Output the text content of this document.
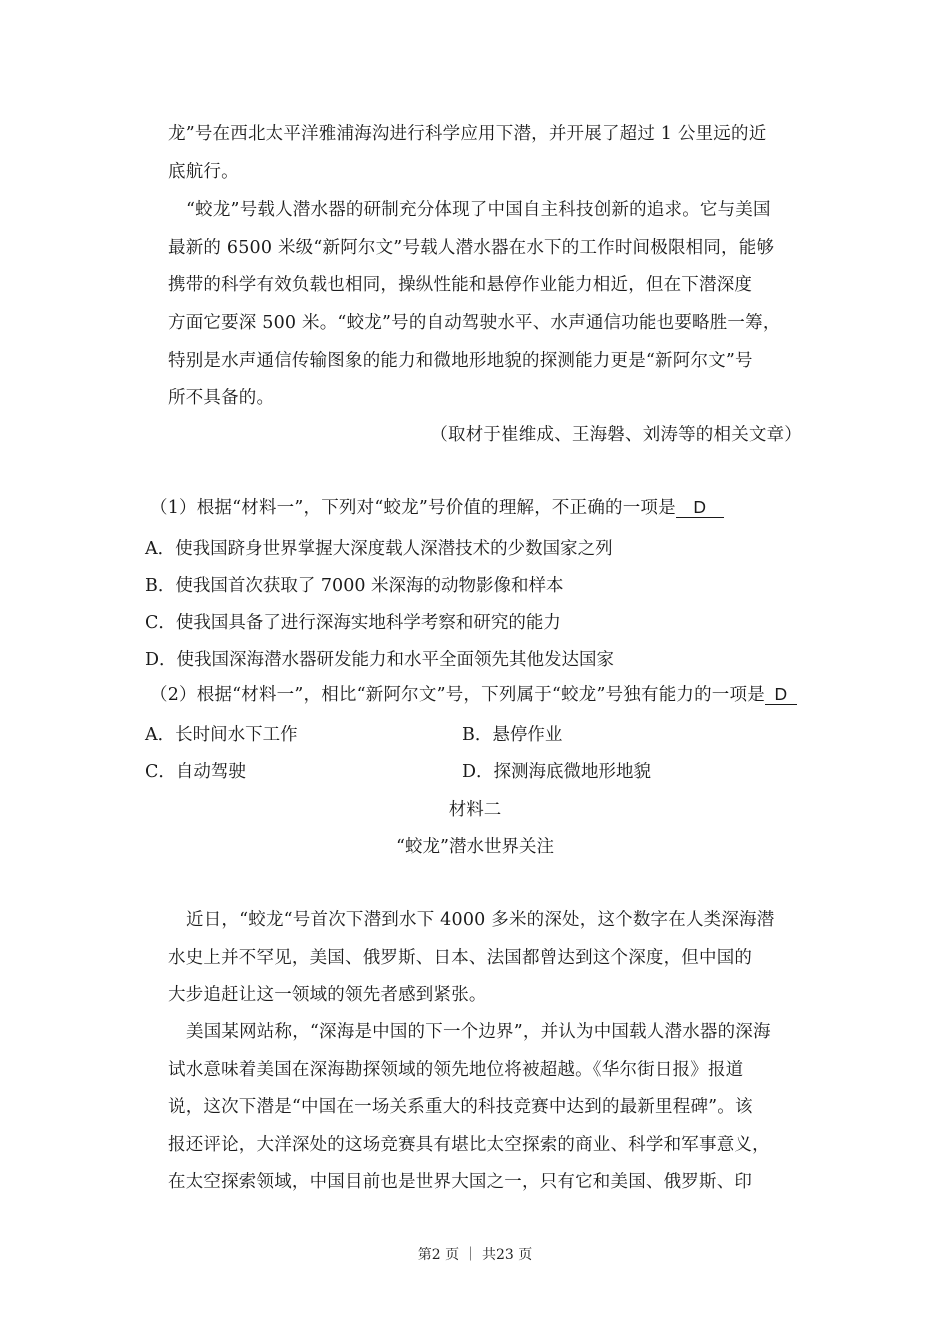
龙”号在西北太平洋雅浦海沟进行科学应用下潜，并开展了超过 1 公里远的近
底航行。
“蛟龙”号载人潜水器的研制充分体现了中国自主科技创新的追求。它与美国
最新的 6500 米级“新阿尔文”号载人潜水器在水下的工作时间极限相同，能够
携带的科学有效负载也相同，操纵性能和悬停作业能力相近，但在下潜深度
方面它要深 500 米。“蛟龙”号的自动驾驶水平、水声通信功能也要略胜一筹，
特别是水声通信传输图象的能力和微地形地貌的探测能力更是“新阿尔文”号
所不具备的。
（取材于崔维成、王海磐、刘涛等的相关文章）
（1）根据“材料一”，下列对“蛟龙”号价值的理解，不正确的一项是 D
A．使我国跻身世界掌握大深度载人深潜技术的少数国家之列
B．使我国首次获取了 7000 米深海的动物影像和样本
C．使我国具备了进行深海实地科学考察和研究的能力
D．使我国深海潜水器研发能力和水平全面领先其他发达国家
（2）根据“材料一”，相比“新阿尔文”号，下列属于“蛟龙”号独有能力的一项是 D
A．长时间水下工作	B．悬停作业
C．自动驾驶	D．探测海底微地形地貌
材料二
“蛟龙”潜水世界关注
近日，“蛟龙“号首次下潜到水下 4000 多米的深处，这个数字在人类深海潜
水史上并不罕见，美国、俄罗斯、日本、法国都曾达到这个深度，但中国的
大步追赶让这一领域的领先者感到紧张。
美国某网站称，“深海是中国的下一个边界”，并认为中国载人潜水器的深海
试水意味着美国在深海勘探领域的领先地位将被超越。《华尔街日报》报道
说，这次下潜是“中国在一场关系重大的科技竞赛中达到的最新里程碑”。该
报还评论，大洋深处的这场竞赛具有堪比太空探索的商业、科学和军事意义，
在太空探索领域，中国目前也是世界大国之一，只有它和美国、俄罗斯、印
第2 页 ｜ 共23 页
